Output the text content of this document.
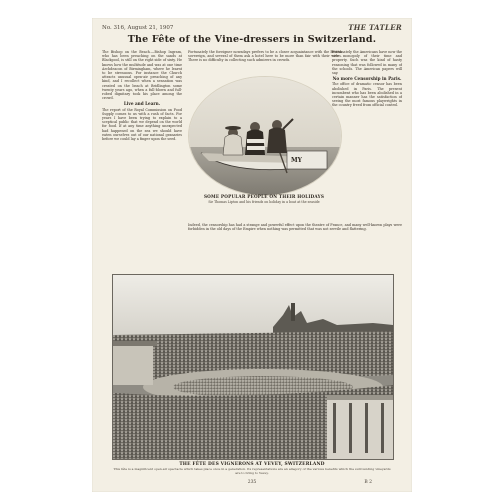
No. 316, August 21, 1907	THE TATLER
The Fête of the Vine-dressers in Switzerland.
The Bishop on the Beach.—Bishop Ingram, who has been preaching on the sands at Blackpool, is still on the right side of sixty. He knows how the multitude and was at one time Archdeacon of Birmingham, where he learnt to be strenuous. For instance the Church attracts unusual open-air preaching of any kind, and I recollect when a sensation was created on the beach at Bridlington some twenty years ago, when a full-blown and full-robed dignitary took his place among the crowd.
Live and Learn.
The report of the Royal Commission on Food Supply comes to us with a rush of facts. For years I have been trying to explain to a sceptical public that we depend on the world for food. If at any time anything unexpected had happened on the sea we should have eaten ourselves out of our national granaries before we could lay a finger upon the seed.
Fortunately the foreigner nowadays prefers to be a closer acquaintance with the British sovereign, and several of them ask a hotel here to be more than fair with their wives. There is no difficulty in collecting such admirers in crowds.
MY
SOME POPULAR PEOPLE ON THEIR HOLIDAYS
Sir Thomas Lipton and his friends on holiday in a boat at the seaside
Fortunately the Americans have now the sole monopoly of their time and property. Such was the kind of hasty reasoning that was followed in many of the schools. The American papers will say.
No more Censorship in Paris.
The office of dramatic censor has been abolished in Paris. The present incumbent who has been abolished in a certain manner has the satisfaction of seeing the most famous playwrights in the country freed from official control.
Indeed, the censorship has had a strange and powerful effect upon the theatre of France, and many well-known plays were forbidden in the old days of the Empire when nothing was permitted that was not servile and flattering.
THE FÊTE DES VIGNERONS AT VEVEY, SWITZERLAND
This fête is a magnificent open-air spectacle which takes place once in a generation. Its representations are an allegory of the various benefits which the surrounding vineyards are to bring to Vevey.
235	B 2
